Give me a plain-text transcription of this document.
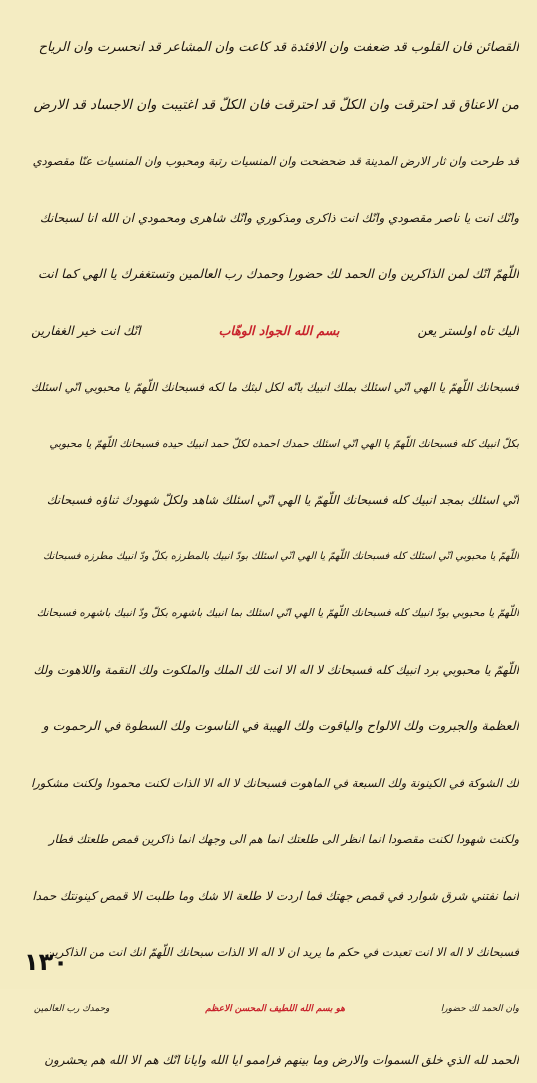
القصائن فان القلوب قد ضعفت وان الافئدة قد كاعت وان المشاعر قد انحسرت وان الرياح
من الاعناق قد احترقت وان الكلّ قد احترقت فان الكلّ قد اغتيبت وان الاجساد قد الارض
قد طرحت وان ثار الارض المدينة قد ضحضحت وان المنسيات رتبة ومحبوب وان المنسيات عنّا مقصودي
وانّك انت يا ناصر مقصودي وانّك انت ذاكرى ومذكوري وانّك شاهرى ومحمودي ان الله انا لسبحانك
اللّهمّ انّك لمن الذاكرين وان الحمد لك حضورا وحمدك رب العالمين وتستغفرك يا الهي كما انت
اليك تاه اولستر يعن  بسم الله الجواد الوهّاب  انّك انت خير الغفارين
فسبحانك اللّهمّ يا الهي انّي اسئلك بملك انبيك بانّه لكل لبثك ما لكه فسبحانك اللّهمّ يا محبوبي انّي اسئلك
بكلّ انبيك كله فسبحانك اللّهمّ يا الهي انّي اسئلك حمدك احمده لكلّ حمد انبيك حيده فسبحانك اللّهمّ يا محبوبي
انّي اسئلك بمجد انبيك كله فسبحانك اللّهمّ يا الهي انّي اسئلك شاهد ولكلّ شهودك ثناؤه فسبحانك
اللّهمّ يا محبوبي انّي اسئلك كله فسبحانك اللّهمّ يا الهي انّي اسئلك بودّ انبيك بالمطرزه بكلّ ودّ انبيك مطرزه فسبحانك
اللّهمّ يا محبوبي بودّ انبيك كله فسبحانك اللّهمّ يا الهي انّي اسئلك بما انبيك باشهره بكلّ ودّ انبيك باشهره فسبحانك
اللّهمّ يا محبوبي برد انبيك كله فسبحانك لا اله الا انت لك الملك والملكوت ولك النقمة واللاهوت ولك
العظمة والجبروت ولك الالواح والياقوت ولك الهيبة في الناسوت ولك السطوة في الرحموت و
لك الشوكة في الكينونة ولك السبعة في الماهوت فسبحانك لا اله الا الذات لكنت محمودا ولكنت مشكورا
ولكنت شهودا لكنت مقصودا انما انظر الى طلعتك انما هم الى وجهك انما ذاكرين قمص طلعتك فطار
انما نفتني شرق شوارد في قمص جهتك فما اردت لا طلعة الا شك وما طلبت الا قمص كينونتك حمدا
فسبحانك لا اله الا انت تعبدت في حكم ما يريد ان لا اله الا الذات سبحانك اللّهمّ انك انت من الذاكرين
وان الحمد لك حضورا  هو بسم الله اللطيف المحسن الاعظم  وحمدك رب العالمين
الحمد لله الذي خلق السموات والارض وما بينهم فراممو ايا الله وايانا انّك هم الا الله هم يحشرون
١٣٠
